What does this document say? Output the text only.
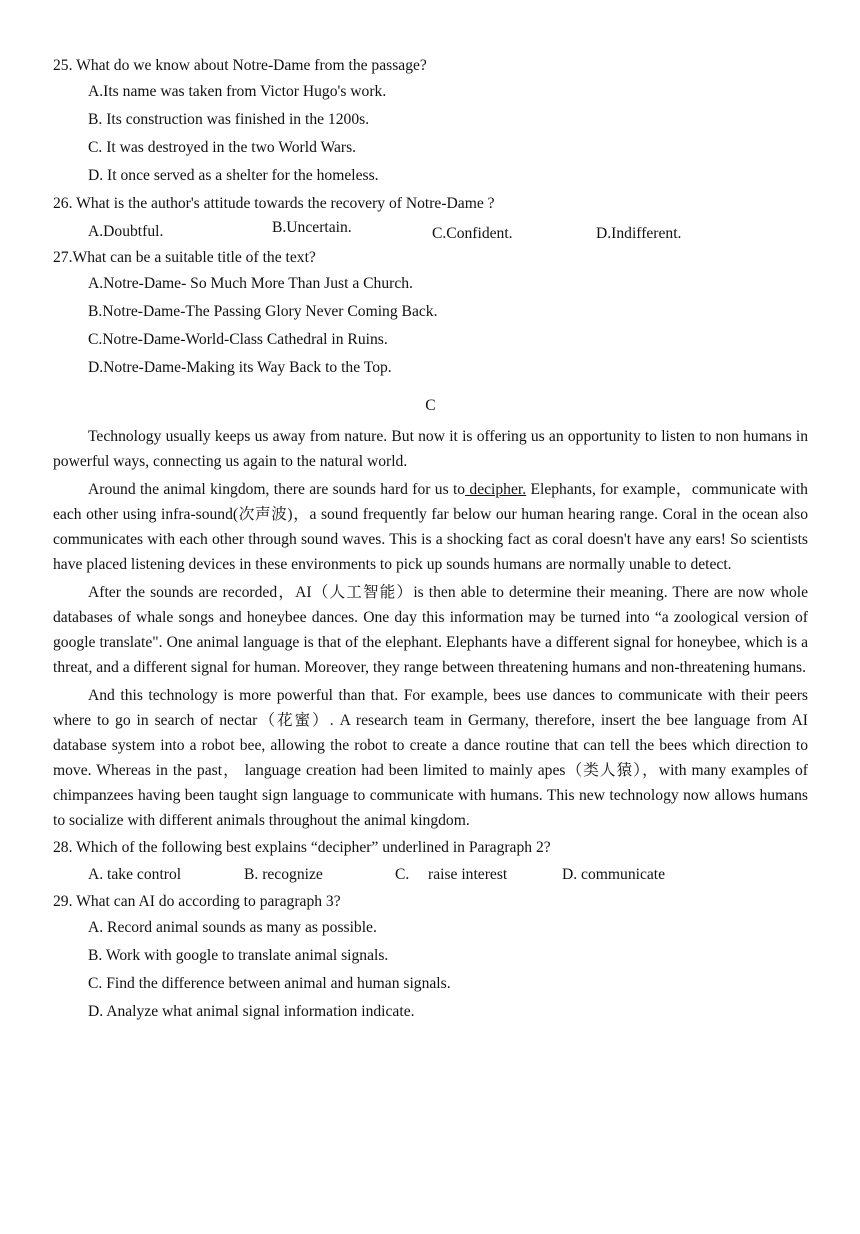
25. What do we know about Notre-Dame from the passage?
A.Its name was taken from Victor Hugo's work.
B. Its construction was finished in the 1200s.
C. It was destroyed in the two World Wars.
D. It once served as a shelter for the homeless.
26. What is the author's attitude towards the recovery of Notre-Dame ?
A.Doubtful.	B.Uncertain.	C.Confident.	D.Indifferent.
27.What can be a suitable title of the text?
A.Notre-Dame- So Much More Than Just a Church.
B.Notre-Dame-The Passing Glory Never Coming Back.
C.Notre-Dame-World-Class Cathedral in Ruins.
D.Notre-Dame-Making its Way Back to the Top.
C

Technology usually keeps us away from nature. But now it is offering us an opportunity to listen to non humans in powerful ways, connecting us again to the natural world.

Around the animal kingdom, there are sounds hard for us to decipher. Elephants, for example，communicate with each other using infra-sound(次声波)，a sound frequently far below our human hearing range. Coral in the ocean also communicates with each other through sound waves. This is a shocking fact as coral doesn't have any ears! So scientists have placed listening devices in these environments to pick up sounds humans are normally unable to detect.

After the sounds are recorded，AI（人工智能）is then able to determine their meaning. There are now whole databases of whale songs and honeybee dances. One day this information may be turned into “a zoological version of google translate". One animal language is that of the elephant. Elephants have a different signal for honeybee, which is a threat, and a different signal for human. Moreover, they range between threatening humans and non-threatening humans.

And this technology is more powerful than that. For example, bees use dances to communicate with their peers where to go in search of nectar（花蜜）. A research team in Germany, therefore, insert the bee language from AI database system into a robot bee, allowing the robot to create a dance routine that can tell the bees which direction to move. Whereas in the past， language creation had been limited to mainly apes（类人猿），with many examples of chimpanzees having been taught sign language to communicate with humans. This new technology now allows humans to socialize with different animals throughout the animal kingdom.

28. Which of the following best explains “decipher” underlined in Paragraph 2?
A. take control	B. recognize	C. raise interest	D. communicate
29. What can AI do according to paragraph 3?
A. Record animal sounds as many as possible.
B. Work with google to translate animal signals.
C. Find the difference between animal and human signals.
D. Analyze what animal signal information indicate.
